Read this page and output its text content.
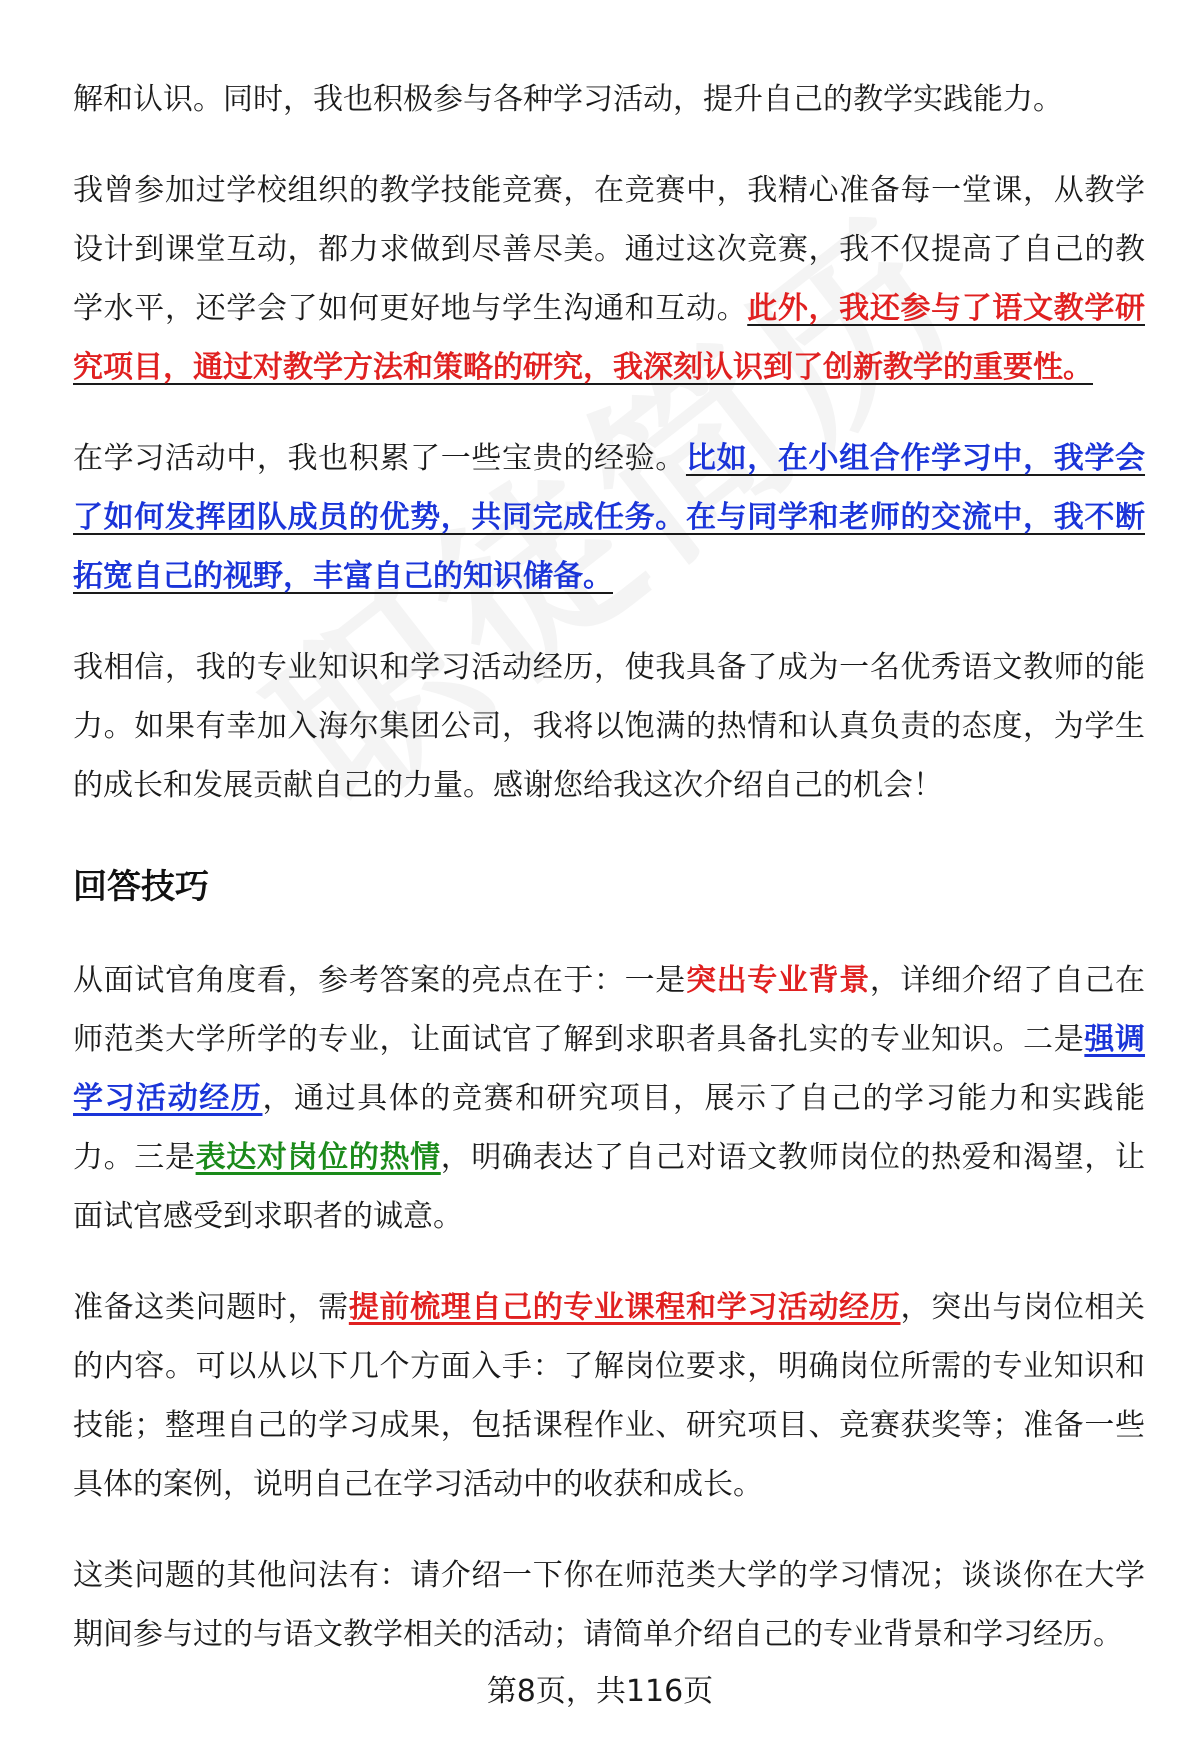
解和认识。同时，我也积极参与各种学习活动，提升自己的教学实践能力。

我曾参加过学校组织的教学技能竞赛，在竞赛中，我精心准备每一堂课，从教学设计到课堂互动，都力求做到尽善尽美。通过这次竞赛，我不仅提高了自己的教学水平，还学会了如何更好地与学生沟通和互动。此外，我还参与了语文教学研究项目，通过对教学方法和策略的研究，我深刻认识到了创新教学的重要性。

在学习活动中，我也积累了一些宝贵的经验。比如，在小组合作学习中，我学会了如何发挥团队成员的优势，共同完成任务。在与同学和老师的交流中，我不断拓宽自己的视野，丰富自己的知识储备。

我相信，我的专业知识和学习活动经历，使我具备了成为一名优秀语文教师的能力。如果有幸加入海尔集团公司，我将以饱满的热情和认真负责的态度，为学生的成长和发展贡献自己的力量。感谢您给我这次介绍自己的机会！

回答技巧

从面试官角度看，参考答案的亮点在于：一是突出专业背景，详细介绍了自己在师范类大学所学的专业，让面试官了解到求职者具备扎实的专业知识。二是强调学习活动经历，通过具体的竞赛和研究项目，展示了自己的学习能力和实践能力。三是表达对岗位的热情，明确表达了自己对语文教师岗位的热爱和渴望，让面试官感受到求职者的诚意。

准备这类问题时，需提前梳理自己的专业课程和学习活动经历，突出与岗位相关的内容。可以从以下几个方面入手：了解岗位要求，明确岗位所需的专业知识和技能；整理自己的学习成果，包括课程作业、研究项目、竞赛获奖等；准备一些具体的案例，说明自己在学习活动中的收获和成长。

这类问题的其他问法有：请介绍一下你在师范类大学的学习情况；谈谈你在大学期间参与过的与语文教学相关的活动；请简单介绍自己的专业背景和学习经历。

第8页，共116页
